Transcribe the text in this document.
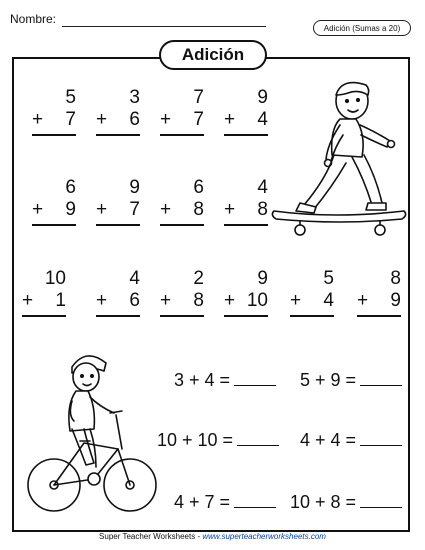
Nombre:
Adición (Sumas a 20)
Adición
5
+ 7
3
+ 6
7
+ 7
9
+ 4
6
+ 9
9
+ 7
6
+ 8
4
+ 8
10
+ 1
4
+ 6
2
+ 8
9
+ 10
5
+ 4
8
+ 9
3 + 4 =	5 + 9 =
10 + 10 =	4 + 4 =
4 + 7 =	10 + 8 =
Super Teacher Worksheets - www.superteacherworksheets.com
